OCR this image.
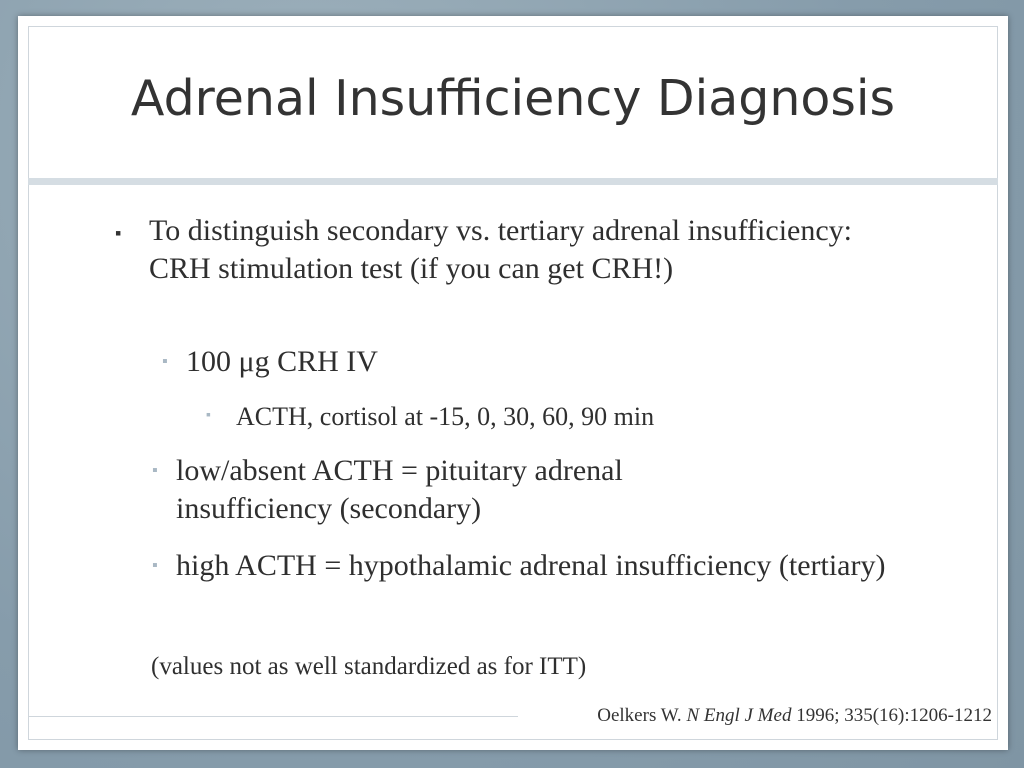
Adrenal Insufficiency Diagnosis
▪ To distinguish secondary vs. tertiary adrenal insufficiency: CRH stimulation test (if you can get CRH!)
▪ 100 μg CRH IV
▪ ACTH, cortisol at -15, 0, 30, 60, 90 min
▪ low/absent ACTH = pituitary adrenal insufficiency (secondary)
▪ high ACTH = hypothalamic adrenal insufficiency (tertiary)
(values not as well standardized as for ITT)
Oelkers W. N Engl J Med 1996; 335(16):1206-1212
